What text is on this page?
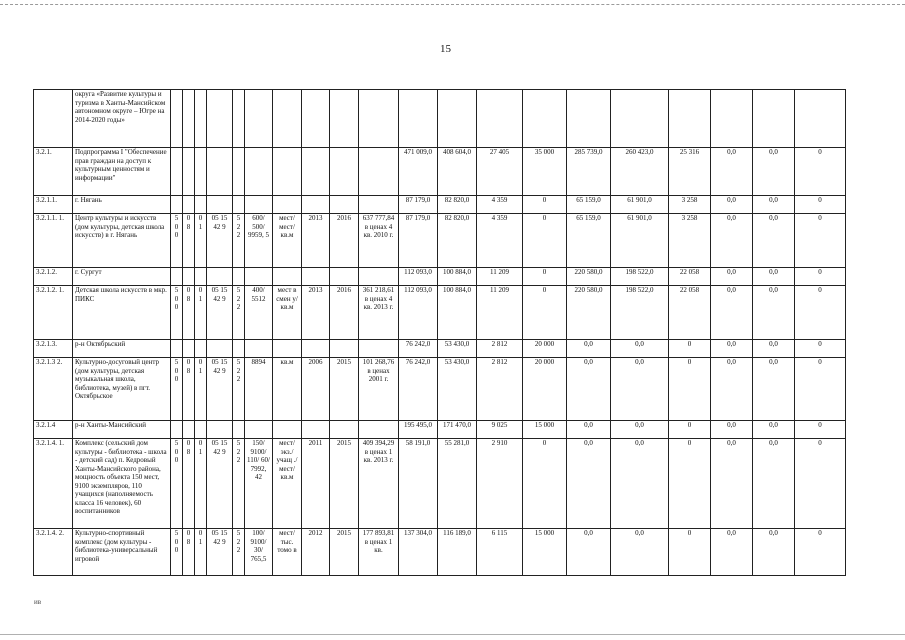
15
	округа «Развитие культуры и туризма в Ханты-Мансийском автономном округе – Югре на 2014-2020 годы»																				
3.2.1.	Подпрограмма I "Обеспечение прав граждан на доступ к культурным ценностям и информации"											471 009,0	408 604,0	27 405	35 000	285 739,0	260 423,0	25 316	0,0	0,0	0
3.2.1.1.	г. Нягань											87 179,0	82 820,0	4 359	0	65 159,0	61 901,0	3 258	0,0	0,0	0
3.2.1.1. 1.	Центр культуры и искусств (дом культуры, детская школа искусств) в г. Нягань	5 0 0	0 8	0 1	05 15 42 9	5 2 2	600/ 500/ 9959, 5	мест/ мест/ кв.м	2013	2016	637 777,84 в ценах 4 кв. 2010 г.	87 179,0	82 820,0	4 359	0	65 159,0	61 901,0	3 258	0,0	0,0	0
3.2.1.2.	г. Сургут											112 093,0	100 884,0	11 209	0	220 580,0	198 522,0	22 058	0,0	0,0	0
3.2.1.2. 1.	Детская школа искусств в мкр. ПИКС	5 0 0	0 8	0 1	05 15 42 9	5 2 2	400/ 5512	мест в смен у/ кв.м	2013	2016	361 218,61 в ценах 4 кв. 2013 г.	112 093,0	100 884,0	11 209	0	220 580,0	198 522,0	22 058	0,0	0,0	0
3.2.1.3.	р-н Октябрьский											76 242,0	53 430,0	2 812	20 000	0,0	0,0	0	0,0	0,0	0
3.2.1.3 2.	Культурно-досуговый центр (дом культуры, детская музыкальная школа, библиотека, музей) в пгт. Октябрьское	5 0 0	0 8	0 1	05 15 42 9	5 2 2	8894	кв.м	2006	2015	101 268,76 в ценах 2001 г.	76 242,0	53 430,0	2 812	20 000	0,0	0,0	0	0,0	0,0	0
3.2.1.4	р-н Ханты-Мансийский											195 495,0	171 470,0	9 025	15 000	0,0	0,0	0	0,0	0,0	0
3.2.1.4. 1.	Комплекс (сельский дом культуры - библиотека - школа - детский сад) п. Кедровый Ханты-Мансийского района, мощность объекта 150 мест, 9100 экземпляров, 110 учащихся (наполняемость класса 16 человек), 60 воспитанников	5 0 0	0 8	0 1	05 15 42 9	5 2 2	150/ 9100/ 110/ 60/ 7992, 42	мест/ экз./ учащ ./ мест/ кв.м	2011	2015	409 394,29 в ценах 1 кв. 2013 г.	58 191,0	55 281,0	2 910	0	0,0	0,0	0	0,0	0,0	0
3.2.1.4. 2.	Культурно-спортивный комплекс (дом культуры - библиотека-универсальный игровой	5 0 0	0 8	0 1	05 15 42 9	5 2 2	100/ 9100/ 30/ 765,5	мест/ тыс. томо в	2012	2015	177 893,81 в ценах 1 кв.	137 304,0	116 189,0	6 115	15 000	0,0	0,0	0	0,0	0,0	0
ив
